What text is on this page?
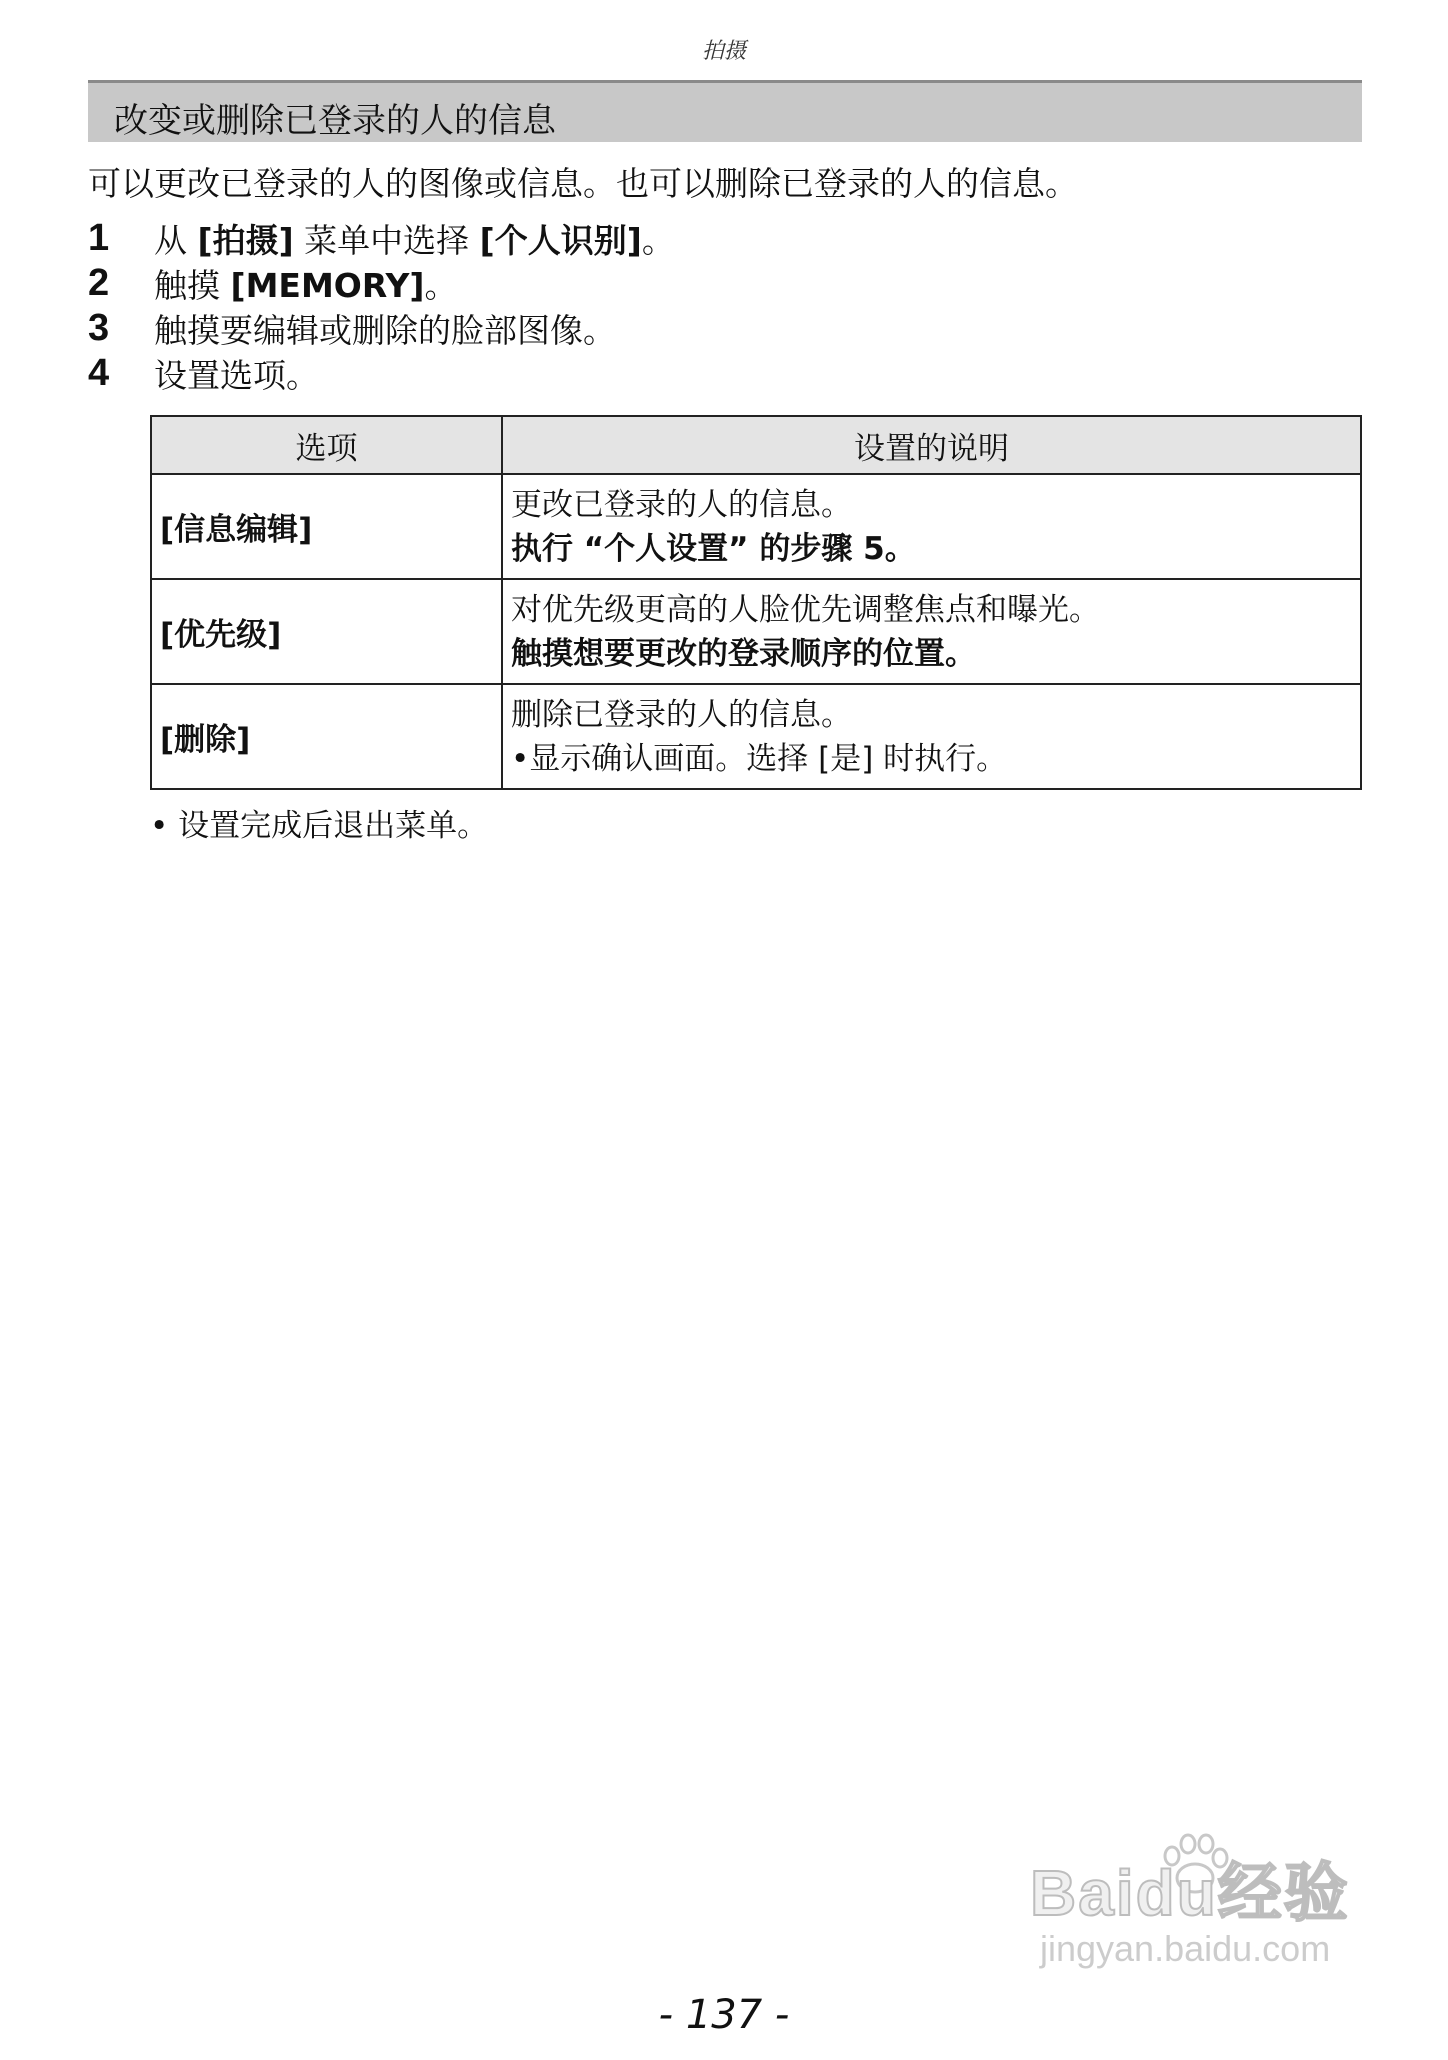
拍摄
改变或删除已登录的人的信息
可以更改已登录的人的图像或信息。也可以删除已登录的人的信息。
1	从 [拍摄] 菜单中选择 [个人识别]。
2	触摸 [MEMORY]。
3	触摸要编辑或删除的脸部图像。
4	设置选项。
选项	设置的说明
[信息编辑]	更改已登录的人的信息。
执行 “个人设置” 的步骤 5。

[优先级]	对优先级更高的人脸优先调整焦点和曝光。
触摸想要更改的登录顺序的位置。

[删除]	删除已登录的人的信息。
•显示确认画面。选择 [是] 时执行。
• 设置完成后退出菜单。
Baidu经验
jingyan.baidu.com
- 137 -
